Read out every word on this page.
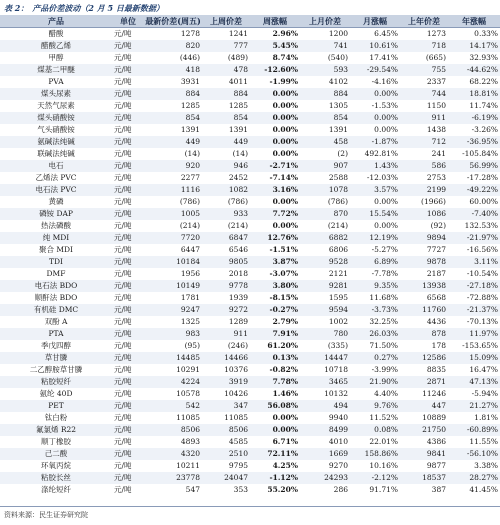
表 2： 产品价差波动（2 月 5 日最新数据）
产品	单位	最新价差(周五)	上周价差	周涨幅	上月价差	月涨幅	上年价差	年涨幅
醋酸	元/吨	1278	1241	2.96%	1200	6.45%	1273	0.33%
醋酸乙烯	元/吨	820	777	5.45%	741	10.61%	718	14.17%
甲醇	元/吨	(446)	(489)	8.74%	(540)	17.41%	(665)	32.93%
煤基二甲醚	元/吨	418	478	-12.60%	593	-29.54%	755	-44.62%
PVA	元/吨	3931	4011	-1.99%	4102	-4.16%	2337	68.22%
煤头尿素	元/吨	884	884	0.00%	884	0.00%	744	18.81%
天然气尿素	元/吨	1285	1285	0.00%	1305	-1.53%	1150	11.74%
煤头硝酸铵	元/吨	854	854	0.00%	854	0.00%	911	-6.19%
气头硝酸铵	元/吨	1391	1391	0.00%	1391	0.00%	1438	-3.26%
氨碱法纯碱	元/吨	449	449	0.00%	458	-1.87%	712	-36.95%
联碱法纯碱	元/吨	(14)	(14)	0.00%	(2)	492.81%	241	-105.84%
电石	元/吨	920	946	-2.71%	907	1.43%	586	56.99%
乙烯法 PVC	元/吨	2277	2452	-7.14%	2588	-12.03%	2753	-17.28%
电石法 PVC	元/吨	1116	1082	3.16%	1078	3.57%	2199	-49.22%
黄磷	元/吨	(786)	(786)	0.00%	(786)	0.00%	(1966)	60.00%
磷铵 DAP	元/吨	1005	933	7.72%	870	15.54%	1086	-7.40%
热法磷酸	元/吨	(214)	(214)	0.00%	(214)	0.00%	(92)	132.53%
纯 MDI	元/吨	7720	6847	12.76%	6882	12.19%	9894	-21.97%
聚合 MDI	元/吨	6447	6546	-1.51%	6806	-5.27%	7727	-16.56%
TDI	元/吨	10184	9805	3.87%	9528	6.89%	9878	3.11%
DMF	元/吨	1956	2018	-3.07%	2121	-7.78%	2187	-10.54%
电石法 BDO	元/吨	10149	9778	3.80%	9281	9.35%	13938	-27.18%
顺酐法 BDO	元/吨	1781	1939	-8.15%	1595	11.68%	6568	-72.88%
有机硅 DMC	元/吨	9247	9272	-0.27%	9594	-3.73%	11760	-21.37%
双酚 A	元/吨	1325	1289	2.79%	1002	32.25%	4436	-70.13%
PTA	元/吨	983	911	7.91%	780	26.03%	878	11.97%
季戊四醇	元/吨	(95)	(246)	61.20%	(335)	71.50%	178	-153.65%
草甘膦	元/吨	14485	14466	0.13%	14447	0.27%	12586	15.09%
二乙醇胺草甘膦	元/吨	10291	10376	-0.82%	10718	-3.99%	8835	16.47%
粘胶短纤	元/吨	4224	3919	7.78%	3465	21.90%	2871	47.13%
氨纶 40D	元/吨	10578	10426	1.46%	10132	4.40%	11246	-5.94%
PET	元/吨	542	347	56.08%	494	9.76%	447	21.27%
钛白粉	元/吨	11085	11085	0.00%	9940	11.52%	10889	1.81%
氟氯烯 R22	元/吨	8506	8506	0.00%	8499	0.08%	21750	-60.89%
顺丁橡胶	元/吨	4893	4585	6.71%	4010	22.01%	4386	11.55%
己二酸	元/吨	4320	2510	72.11%	1669	158.86%	9841	-56.10%
环氧丙烷	元/吨	10211	9795	4.25%	9270	10.16%	9877	3.38%
粘胶长丝	元/吨	23778	24047	-1.12%	24293	-2.12%	18537	28.27%
涤纶短纤	元/吨	547	353	55.20%	286	91.71%	387	41.45%
资料来源：民生证券研究院
